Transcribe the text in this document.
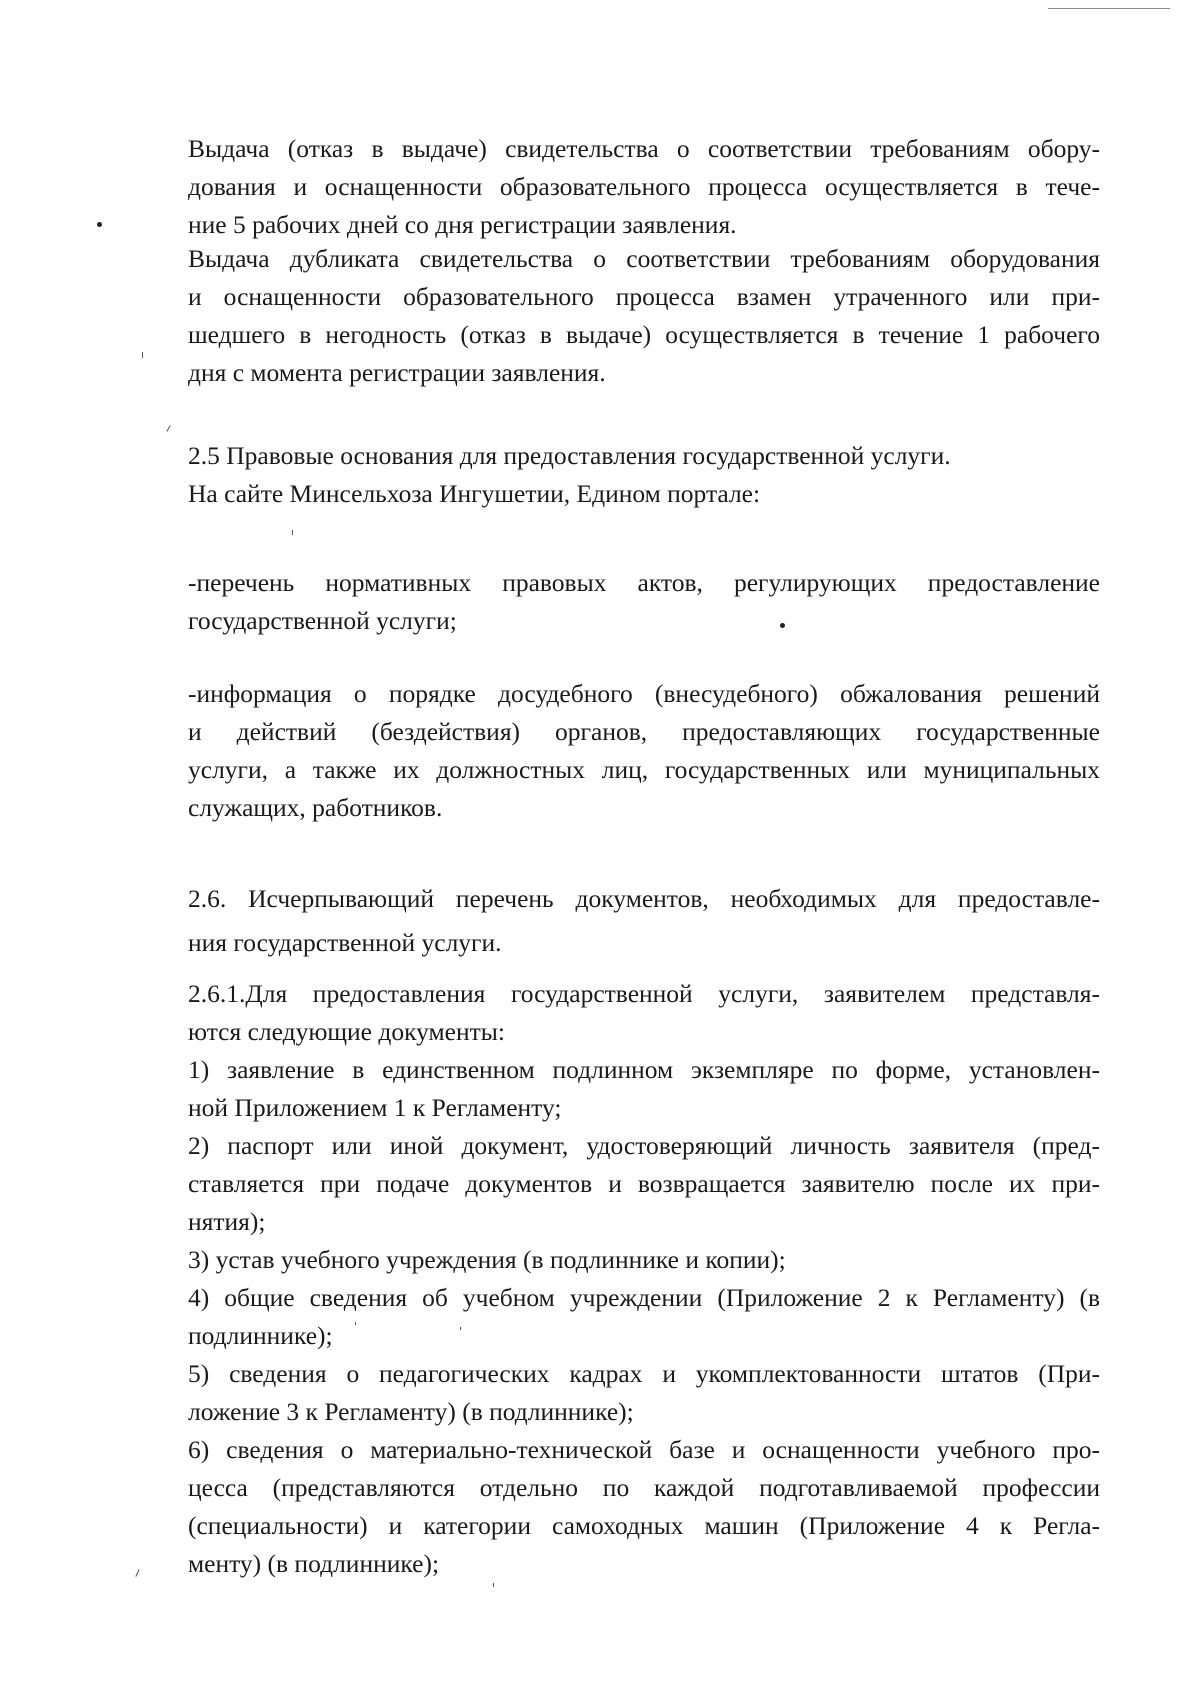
Выдача (отказ в выдаче) свидетельства о соответствии требованиям обору-
дования и оснащенности образовательного процесса осуществляется в тече-
ние 5 рабочих дней со дня регистрации заявления.
Выдача дубликата свидетельства о соответствии требованиям оборудования
и оснащенности образовательного процесса взамен утраченного или при-
шедшего в негодность (отказ в выдаче) осуществляется в течение 1 рабочего
дня с момента регистрации заявления.
2.5 Правовые основания для предоставления государственной услуги.
На сайте Минсельхоза Ингушетии, Едином портале:
-перечень нормативных правовых актов, регулирующих предоставление
государственной услуги;
-информация о порядке досудебного (внесудебного) обжалования решений
и действий (бездействия) органов, предоставляющих государственные
услуги, а также их должностных лиц, государственных или муниципальных
служащих, работников.
2.6. Исчерпывающий перечень документов, необходимых для предоставле-
ния государственной услуги.
2.6.1.Для предоставления государственной услуги, заявителем представля-
ются следующие документы:
1) заявление в единственном подлинном экземпляре по форме, установлен-
ной Приложением 1 к Регламенту;
2) паспорт или иной документ, удостоверяющий личность заявителя (пред-
ставляется при подаче документов и возвращается заявителю после их при-
нятия);
3) устав учебного учреждения (в подлиннике и копии);
4) общие сведения об учебном учреждении (Приложение 2 к Регламенту) (в
подлиннике);
5) сведения о педагогических кадрах и укомплектованности штатов (При-
ложение 3 к Регламенту) (в подлиннике);
6) сведения о материально-технической базе и оснащенности учебного про-
цесса (представляются отдельно по каждой подготавливаемой профессии
(специальности) и категории самоходных машин (Приложение 4 к Регла-
менту) (в подлиннике);
